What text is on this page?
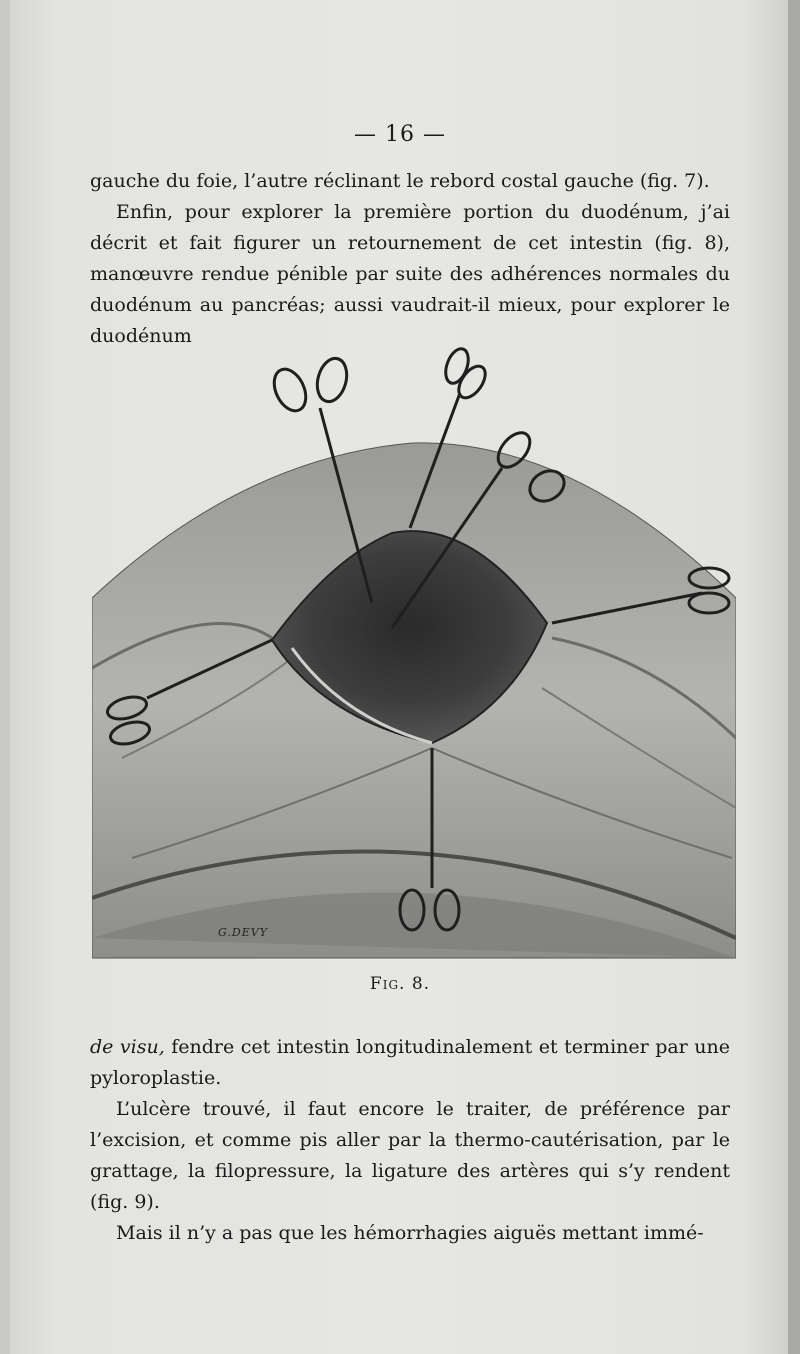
— 16 —

gauche du foie, l’autre réclinant le rebord costal gauche (fig. 7).

Enfin, pour explorer la première portion du duodénum, j’ai décrit et fait figurer un retournement de cet intestin (fig. 8), manœuvre rendue pénible par suite des adhérences normales du duodénum au pancréas; aussi vaudrait-il mieux, pour explorer le duodénum

G.DEVY
Fig. 8.

de visu, fendre cet intestin longitudinalement et terminer par une pyloroplastie.

L’ulcère trouvé, il faut encore le traiter, de préférence par l’excision, et comme pis aller par la thermo-cautérisation, par le grattage, la filopressure, la ligature des artères qui s’y rendent (fig. 9).

Mais il n’y a pas que les hémorrhagies aiguës mettant immé-
